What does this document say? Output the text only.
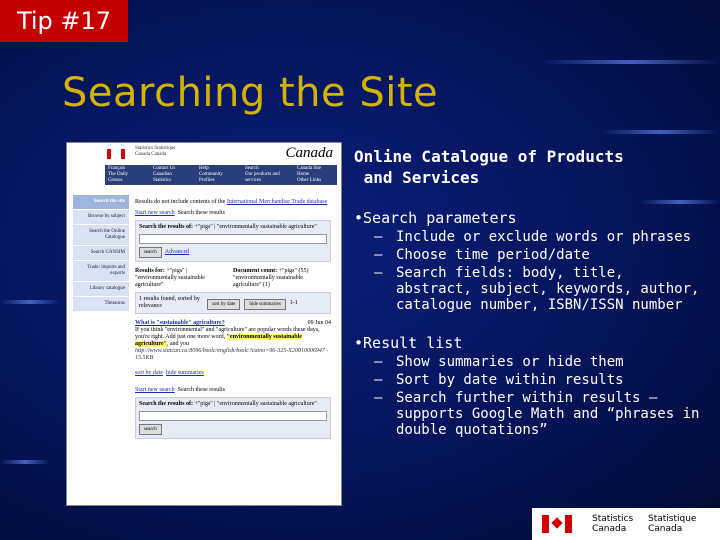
Tip #17
Searching the Site
Statistics Statistique
Canada Canada	Canada
Français
The Daily
Census
Contact Us
Canadian Statistics
Help
Community Profiles
Search
Our products and services
Canada Site
Home
Other Links
Search the site
Browse by subject
Search the Online Catalogue
Search CANSIM
Trade: imports and exports
Library catalogue
Thesaurus
Results do not include contents of the International Merchandise Trade database
Start new search Search these results
Search the results of: +"pigs" | "environmentally sustainable agriculture"
search Advanced
Results for: +"pigs" | "environmentally sustainable agriculture"
Document count: +"pigs" (55) "environmentally sustainable agriculture" (1)
1 results found, sorted by relevance	sort by date	hide summaries	1-1
What is "sustainable" agriculture?	09 Jun 04
If you think "environmental" and "agriculture" are popular words these days, you're right. Add just one more word, "environmentally sustainable agriculture", and you
http://www.statcan.ca:8096/bsolc/english/bsolc?catno=96-325-X20010006947 - 15.5KB
sort by date hide summaries
Start new search Search these results
Search the results of: +"pigs" | "environmentally sustainable agriculture"
search
Online Catalogue of Products
and Services
•Search parameters
– Include or exclude words or phrases
– Choose time period/date
– Search fields: body, title, abstract, subject, keywords, author, catalogue number, ISBN/ISSN number
•Result list
– Show summaries or hide them
– Sort by date within results
– Search further within results – supports Google Math and “phrases in double quotations”
Statistics
Canada
Statistique
Canada
